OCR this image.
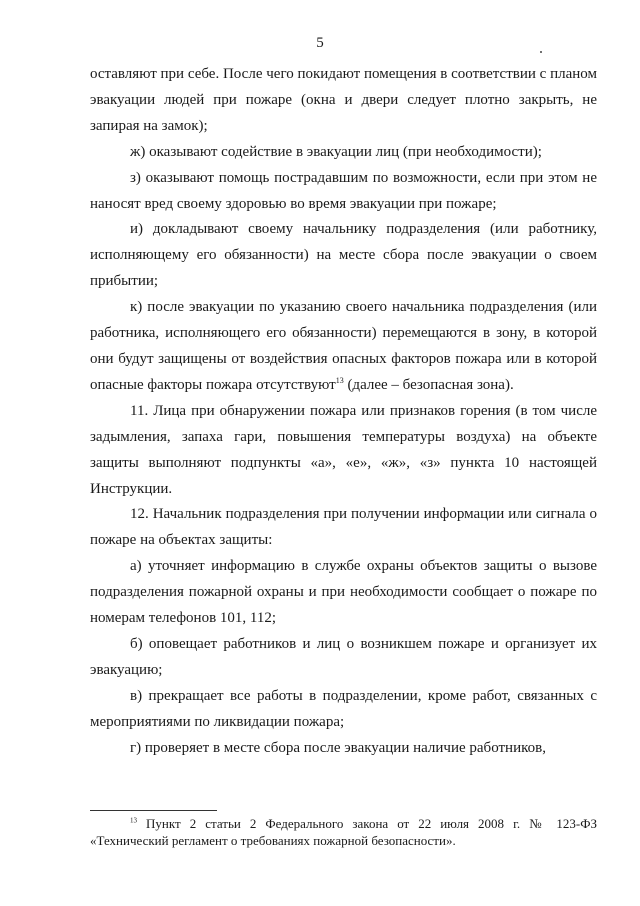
5

оставляют при себе. После чего покидают помещения в соответствии с планом эвакуации людей при пожаре (окна и двери следует плотно закрыть, не запирая на замок);

ж) оказывают содействие в эвакуации лиц (при необходимости);

з) оказывают помощь пострадавшим по возможности, если при этом не наносят вред своему здоровью во время эвакуации при пожаре;

и) докладывают своему начальнику подразделения (или работнику, исполняющему его обязанности) на месте сбора после эвакуации о своем прибытии;

к) после эвакуации по указанию своего начальника подразделения (или работника, исполняющего его обязанности) перемещаются в зону, в которой они будут защищены от воздействия опасных факторов пожара или в которой опасные факторы пожара отсутствуют$^{13}$ (далее – безопасная зона).

11. Лица при обнаружении пожара или признаков горения (в том числе задымления, запаха гари, повышения температуры воздуха) на объекте защиты выполняют подпункты «а», «е», «ж», «з» пункта 10 настоящей Инструкции.

12. Начальник подразделения при получении информации или сигнала о пожаре на объектах защиты:

а) уточняет информацию в службе охраны объектов защиты о вызове подразделения пожарной охраны и при необходимости сообщает о пожаре по номерам телефонов 101, 112;

б) оповещает работников и лиц о возникшем пожаре и организует их эвакуацию;

в) прекращает все работы в подразделении, кроме работ, связанных с мероприятиями по ликвидации пожара;

г) проверяет в месте сбора после эвакуации наличие работников,

$^{13}$ Пункт 2 статьи 2 Федерального закона от 22 июля 2008 г. № 123-ФЗ «Технический регламент о требованиях пожарной безопасности».
